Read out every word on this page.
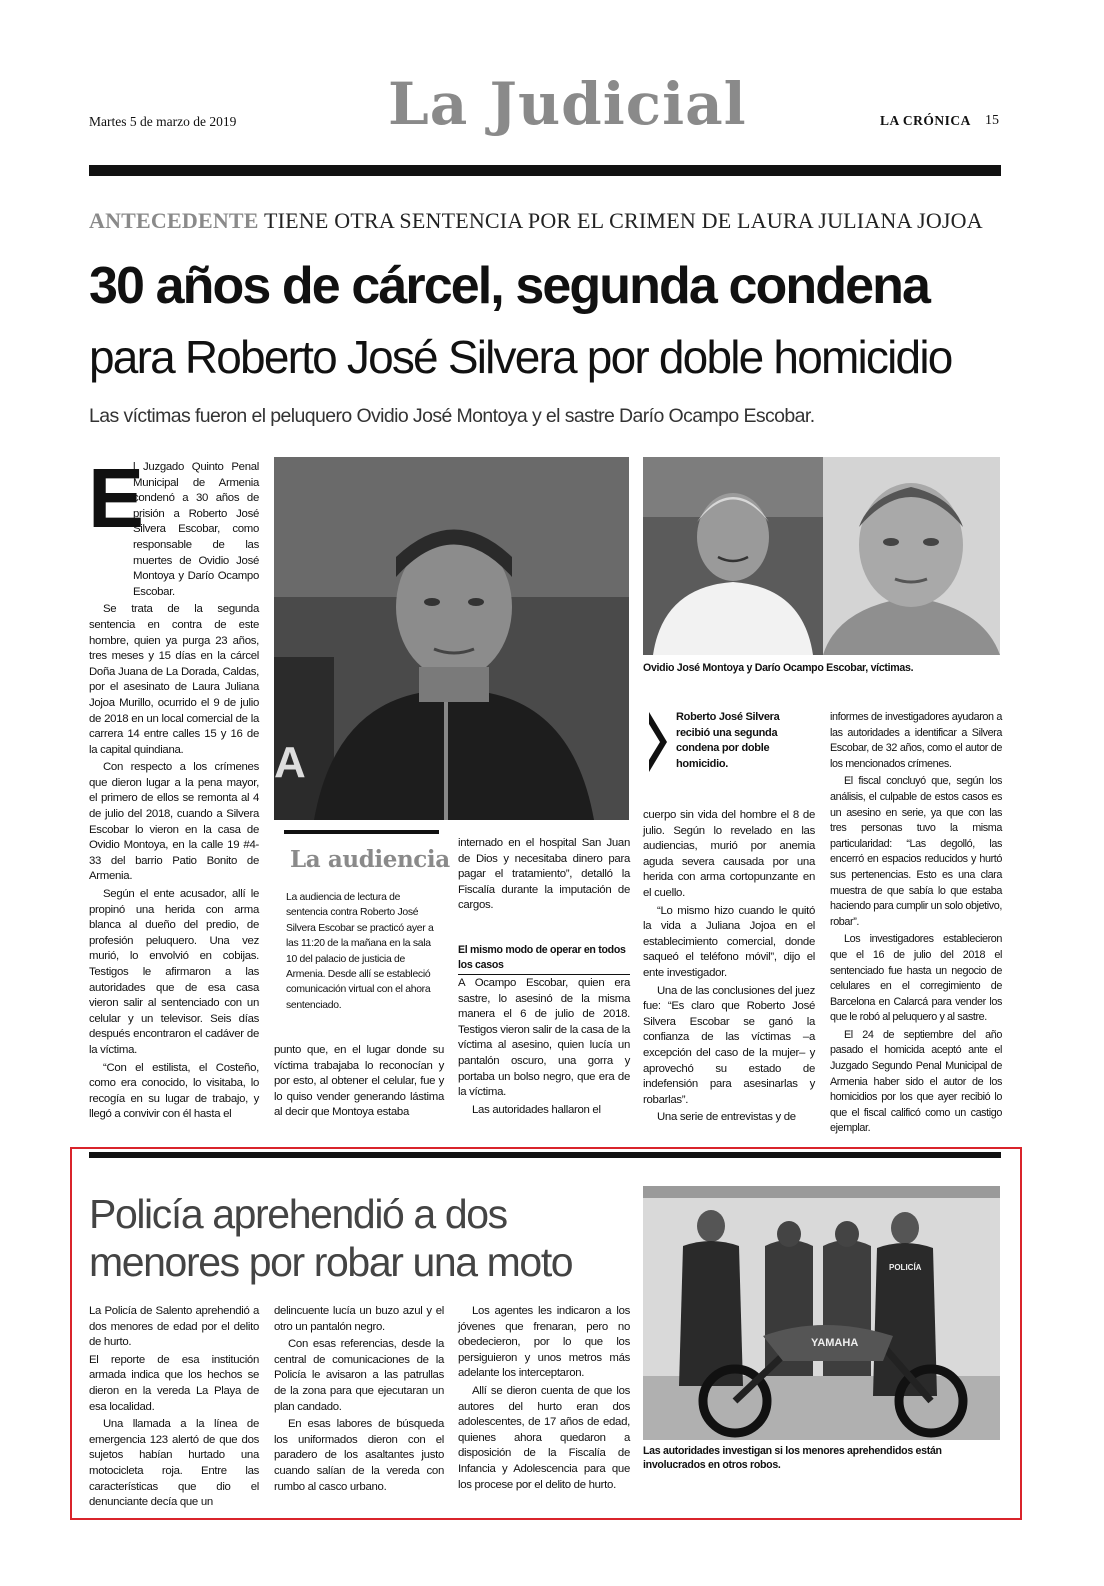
Martes 5 de marzo de 2019	La Judicial	LA CRÓNICA 15
ANTECEDENTE TIENE OTRA SENTENCIA POR EL CRIMEN DE LAURA JULIANA JOJOA
30 años de cárcel, segunda condena
para Roberto José Silvera por doble homicidio
Las víctimas fueron el peluquero Ovidio José Montoya y el sastre Darío Ocampo Escobar.
E

l Juzgado Quinto Penal Municipal de Armenia condenó a 30 años de prisión a Roberto José Silvera Escobar, como responsable de las muertes de Ovidio José Montoya y Darío Ocampo Escobar.

Se trata de la segunda sentencia en contra de este hombre, quien ya purga 23 años, tres meses y 15 días en la cárcel Doña Juana de La Dorada, Caldas, por el asesinato de Laura Juliana Jojoa Murillo, ocurrido el 9 de julio de 2018 en un local comercial de la carrera 14 entre calles 15 y 16 de la capital quindiana.

Con respecto a los crímenes que dieron lugar a la pena mayor, el primero de ellos se remonta al 4 de julio del 2018, cuando a Silvera Escobar lo vieron en la casa de Ovidio Montoya, en la calle 19 #4-33 del barrio Patio Bonito de Armenia.

Según el ente acusador, allí le propinó una herida con arma blanca al dueño del predio, de profesión peluquero. Una vez murió, lo envolvió en cobijas. Testigos le afirmaron a las autoridades que de esa casa vieron salir al sentenciado con un celular y un televisor. Seis días después encontraron el cadáver de la víctima.

“Con el estilista, el Costeño, como era conocido, lo visitaba, lo recogía en su lugar de trabajo, y llegó a convivir con él hasta el

A
Ovidio José Montoya y Darío Ocampo Escobar, víctimas.
La audiencia
La audiencia de lectura de sentencia contra Roberto José Silvera Escobar se practicó ayer a las 11:20 de la mañana en la sala 10 del palacio de justicia de Armenia. Desde allí se estableció comunicación virtual con el ahora sentenciado.

punto que, en el lugar donde su víctima trabajaba lo reconocían y por esto, al obtener el celular, fue y lo quiso vender generando lástima al decir que Montoya estaba

internado en el hospital San Juan de Dios y necesitaba dinero para pagar el tratamiento”, detalló la Fiscalía durante la imputación de cargos.

El mismo modo de operar en todos los casos

A Ocampo Escobar, quien era sastre, lo asesinó de la misma manera el 6 de julio de 2018. Testigos vieron salir de la casa de la víctima al asesino, quien lucía un pantalón oscuro, una gorra y portaba un bolso negro, que era de la víctima.

Las autoridades hallaron el

Roberto José Silvera recibió una segunda condena por doble homicidio.

cuerpo sin vida del hombre el 8 de julio. Según lo revelado en las audiencias, murió por anemia aguda severa causada por una herida con arma cortopunzante en el cuello.

“Lo mismo hizo cuando le quitó la vida a Juliana Jojoa en el establecimiento comercial, donde saqueó el teléfono móvil”, dijo el ente investigador.

Una de las conclusiones del juez fue: “Es claro que Roberto José Silvera Escobar se ganó la confianza de las víctimas –a excepción del caso de la mujer– y aprovechó su estado de indefensión para asesinarlas y robarlas”.

Una serie de entrevistas y de

informes de investigadores ayudaron a las autoridades a identificar a Silvera Escobar, de 32 años, como el autor de los mencionados crímenes.

El fiscal concluyó que, según los análisis, el culpable de estos casos es un asesino en serie, ya que con las tres personas tuvo la misma particularidad: “Las degolló, las encerró en espacios reducidos y hurtó sus pertenencias. Esto es una clara muestra de que sabía lo que estaba haciendo para cumplir un solo objetivo, robar”.

Los investigadores establecieron que el 16 de julio del 2018 el sentenciado fue hasta un negocio de celulares en el corregimiento de Barcelona en Calarcá para vender los que le robó al peluquero y al sastre.

El 24 de septiembre del año pasado el homicida aceptó ante el Juzgado Segundo Penal Municipal de Armenia haber sido el autor de los homicidios por los que ayer recibió lo que el fiscal calificó como un castigo ejemplar.

Policía aprehendió a dos menores por robar una moto

La Policía de Salento aprehendió a dos menores de edad por el delito de hurto.

El reporte de esa institución armada indica que los hechos se dieron en la vereda La Playa de esa localidad.

Una llamada a la línea de emergencia 123 alertó de que dos sujetos habían hurtado una motocicleta roja. Entre las características que dio el denunciante decía que un

delincuente lucía un buzo azul y el otro un pantalón negro.

Con esas referencias, desde la central de comunicaciones de la Policía le avisaron a las patrullas de la zona para que ejecutaran un plan candado.

En esas labores de búsqueda los uniformados dieron con el paradero de los asaltantes justo cuando salían de la vereda con rumbo al casco urbano.

Los agentes les indicaron a los jóvenes que frenaran, pero no obedecieron, por lo que los persiguieron y unos metros más adelante los interceptaron.

Allí se dieron cuenta de que los autores del hurto eran dos adolescentes, de 17 años de edad, quienes ahora quedaron a disposición de la Fiscalía de Infancia y Adolescencia para que los procese por el delito de hurto.

YAMAHA
POLICÍA
Las autoridades investigan si los menores aprehendidos están involucrados en otros robos.
